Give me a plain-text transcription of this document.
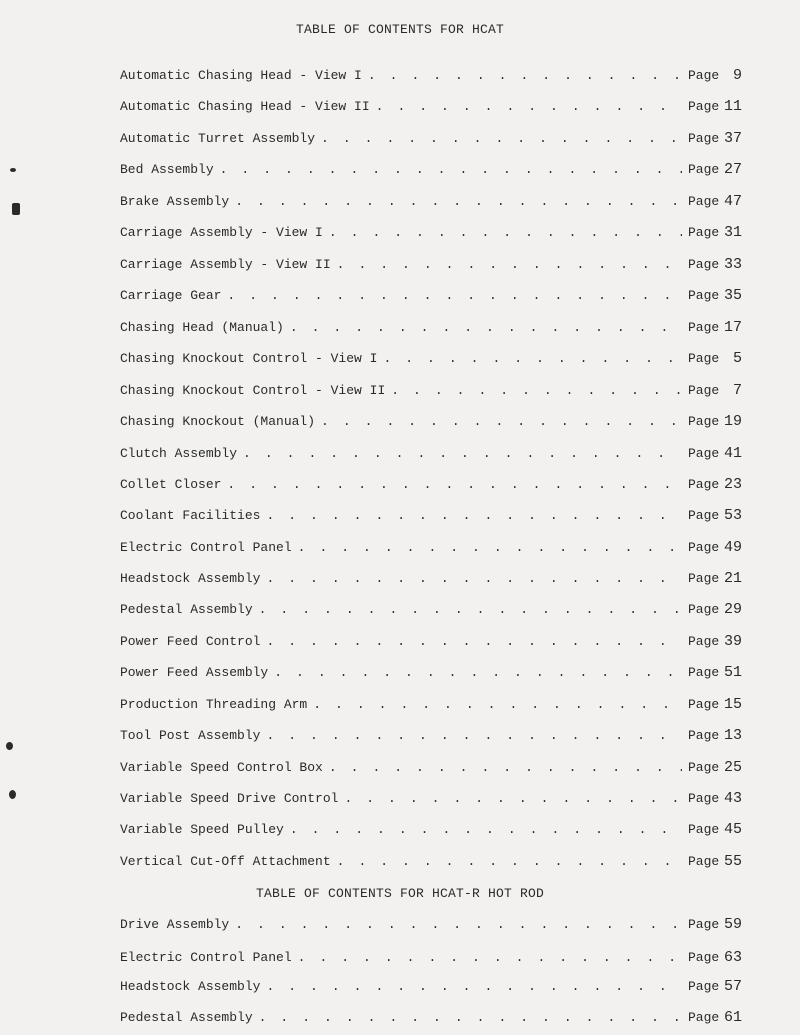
TABLE OF CONTENTS FOR HCAT
Automatic Chasing Head - View I . . .	Page 9
Automatic Chasing Head - View II . . .	Page 11
Automatic Turret Assembly . . .	Page 37
Bed Assembly . . .	Page 27
Brake Assembly . . .	Page 47
Carriage Assembly - View I . . .	Page 31
Carriage Assembly - View II . . .	Page 33
Carriage Gear . . .	Page 35
Chasing Head (Manual) . . .	Page 17
Chasing Knockout Control - View I . . .	Page 5
Chasing Knockout Control - View II . . .	Page 7
Chasing Knockout (Manual) . . .	Page 19
Clutch Assembly . . .	Page 41
Collet Closer . . .	Page 23
Coolant Facilities . . .	Page 53
Electric Control Panel . . .	Page 49
Headstock Assembly . . .	Page 21
Pedestal Assembly . . .	Page 29
Power Feed Control . . .	Page 39
Power Feed Assembly . . .	Page 51
Production Threading Arm . . .	Page 15
Tool Post Assembly . . .	Page 13
Variable Speed Control Box . . .	Page 25
Variable Speed Drive Control . . .	Page 43
Variable Speed Pulley . . .	Page 45
Vertical Cut-Off Attachment . . .	Page 55
TABLE OF CONTENTS FOR HCAT-R HOT ROD
Drive Assembly . . .	Page 59
Electric Control Panel . . .	Page 63
Headstock Assembly . . .	Page 57
Pedestal Assembly . . .	Page 61
